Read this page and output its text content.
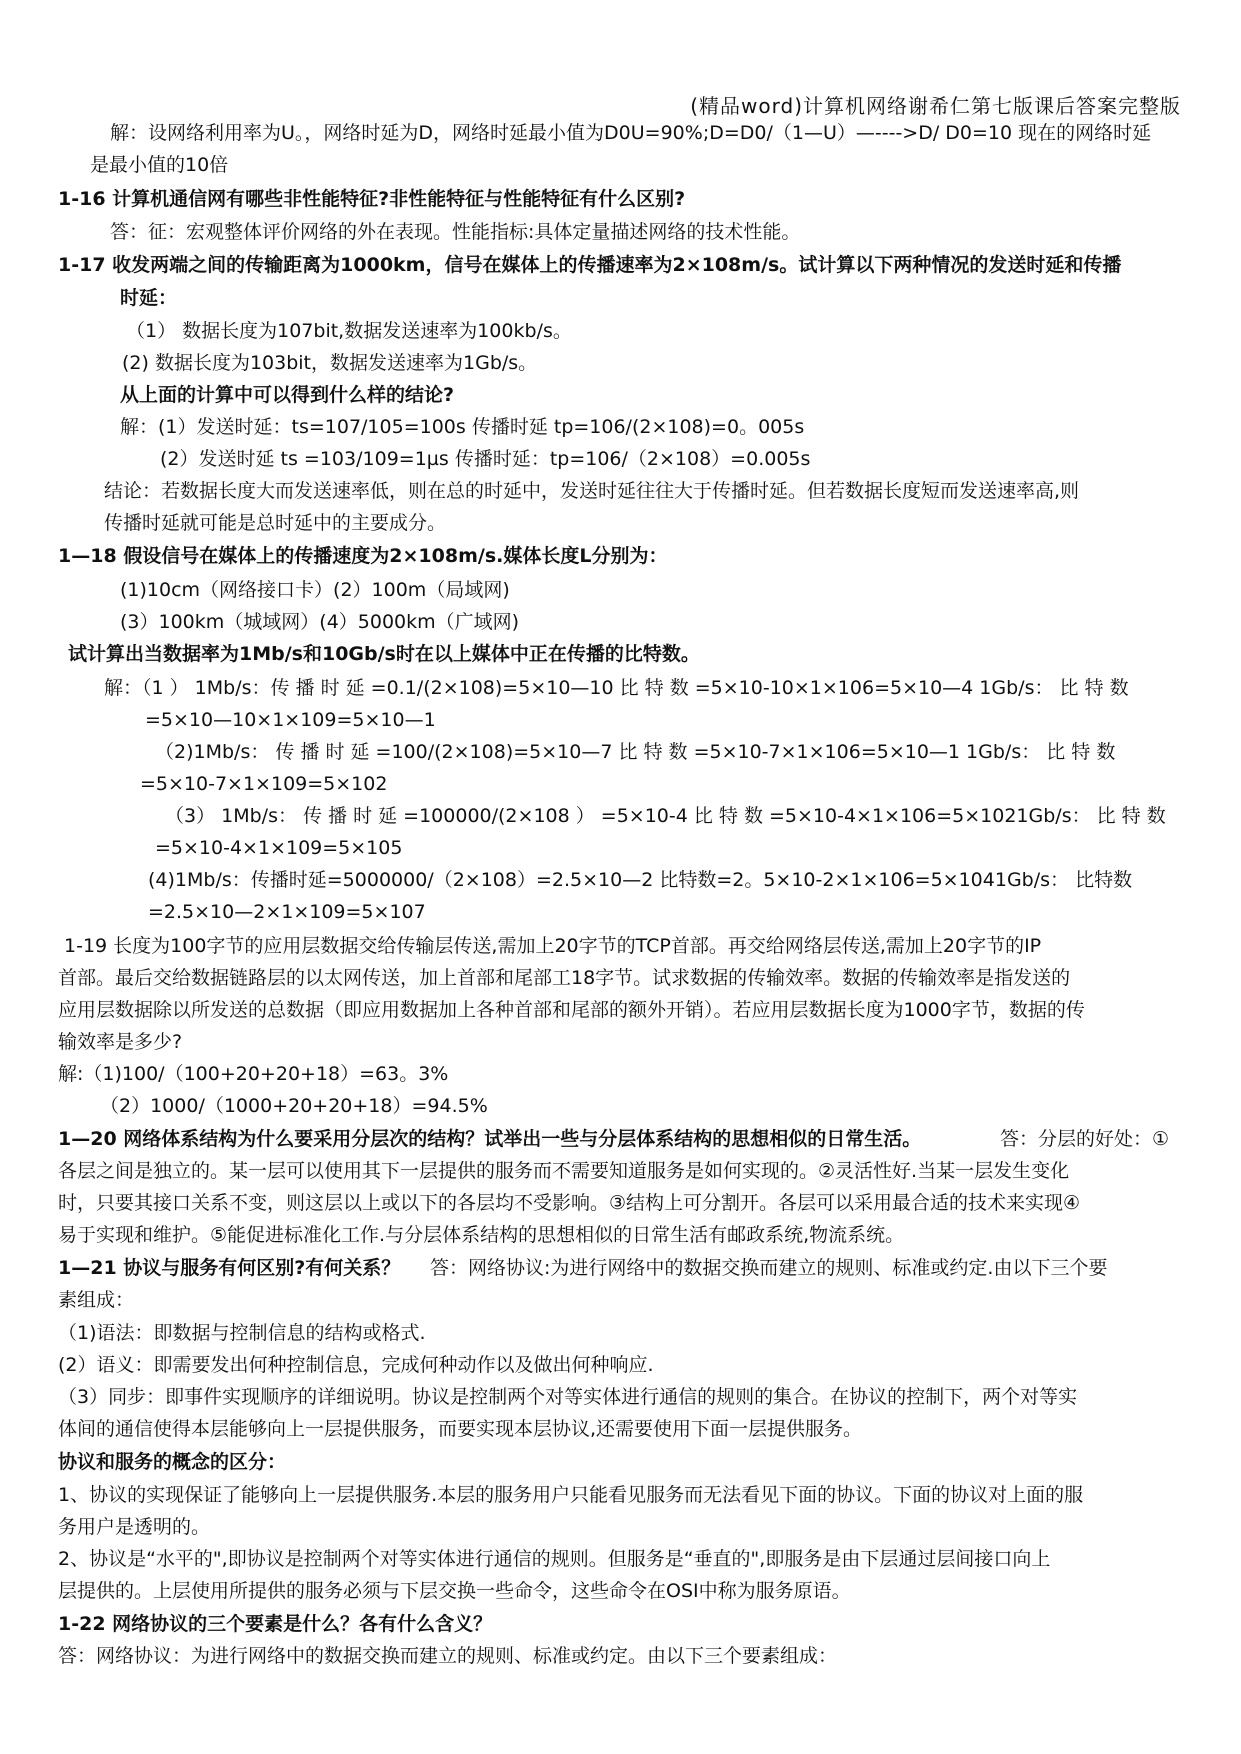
(精品word)计算机网络谢希仁第七版课后答案完整版
解：设网络利用率为U。，网络时延为D，网络时延最小值为D0U=90%;D=D0/（1—U）—---->D/ D0=10 现在的网络时延
是最小值的10倍
1-16 计算机通信网有哪些非性能特征?非性能特征与性能特征有什么区别?
答：征：宏观整体评价网络的外在表现。性能指标:具体定量描述网络的技术性能。
1-17 收发两端之间的传输距离为1000km，信号在媒体上的传播速率为2×108m/s。试计算以下两种情况的发送时延和传播
时延：
（1） 数据长度为107bit,数据发送速率为100kb/s。
(2) 数据长度为103bit，数据发送速率为1Gb/s。
从上面的计算中可以得到什么样的结论?
解：(1）发送时延：ts=107/105=100s 传播时延 tp=106/(2×108)=0。005s
(2）发送时延 ts =103/109=1µs 传播时延：tp=106/（2×108）=0.005s
结论：若数据长度大而发送速率低，则在总的时延中，发送时延往往大于传播时延。但若数据长度短而发送速率高,则
传播时延就可能是总时延中的主要成分。
1—18 假设信号在媒体上的传播速度为2×108m/s.媒体长度L分别为：
(1)10cm（网络接口卡）(2）100m（局域网)
(3）100km（城域网）(4）5000km（广域网)
试计算出当数据率为1Mb/s和10Gb/s时在以上媒体中正在传播的比特数。
解：（1 ） 1Mb/s：传 播 时 延 =0.1/(2×108)=5×10—10 比 特 数 =5×10-10×1×106=5×10—4 1Gb/s： 比 特 数
=5×10—10×1×109=5×10—1
（2)1Mb/s： 传 播 时 延 =100/(2×108)=5×10—7 比 特 数 =5×10-7×1×106=5×10—1 1Gb/s： 比 特 数
=5×10-7×1×109=5×102
（3） 1Mb/s： 传 播 时 延 =100000/(2×108 ） =5×10-4 比 特 数 =5×10-4×1×106=5×1021Gb/s： 比 特 数
=5×10-4×1×109=5×105
(4)1Mb/s：传播时延=5000000/（2×108）=2.5×10—2 比特数=2。5×10-2×1×106=5×1041Gb/s： 比特数
=2.5×10—2×1×109=5×107
1-19 长度为100字节的应用层数据交给传输层传送,需加上20字节的TCP首部。再交给网络层传送,需加上20字节的IP
首部。最后交给数据链路层的以太网传送，加上首部和尾部工18字节。试求数据的传输效率。数据的传输效率是指发送的
应用层数据除以所发送的总数据（即应用数据加上各种首部和尾部的额外开销）。若应用层数据长度为1000字节，数据的传
输效率是多少?
解:（1)100/（100+20+20+18）=63。3%
（2）1000/（1000+20+20+18）=94.5%
1—20 网络体系结构为什么要采用分层次的结构？试举出一些与分层体系结构的思想相似的日常生活。	答：分层的好处：①
各层之间是独立的。某一层可以使用其下一层提供的服务而不需要知道服务是如何实现的。②灵活性好.当某一层发生变化
时，只要其接口关系不变，则这层以上或以下的各层均不受影响。③结构上可分割开。各层可以采用最合适的技术来实现④
易于实现和维护。⑤能促进标准化工作.与分层体系结构的思想相似的日常生活有邮政系统,物流系统。
1—21 协议与服务有何区别?有何关系？ 答：网络协议:为进行网络中的数据交换而建立的规则、标准或约定.由以下三个要
素组成：
（1)语法：即数据与控制信息的结构或格式.
(2）语义：即需要发出何种控制信息，完成何种动作以及做出何种响应.
（3）同步：即事件实现顺序的详细说明。协议是控制两个对等实体进行通信的规则的集合。在协议的控制下，两个对等实
体间的通信使得本层能够向上一层提供服务，而要实现本层协议,还需要使用下面一层提供服务。
协议和服务的概念的区分：
1、协议的实现保证了能够向上一层提供服务.本层的服务用户只能看见服务而无法看见下面的协议。下面的协议对上面的服
务用户是透明的。
2、协议是“水平的",即协议是控制两个对等实体进行通信的规则。但服务是“垂直的",即服务是由下层通过层间接口向上
层提供的。上层使用所提供的服务必须与下层交换一些命令，这些命令在OSI中称为服务原语。
1-22 网络协议的三个要素是什么？各有什么含义？
答：网络协议：为进行网络中的数据交换而建立的规则、标准或约定。由以下三个要素组成：
